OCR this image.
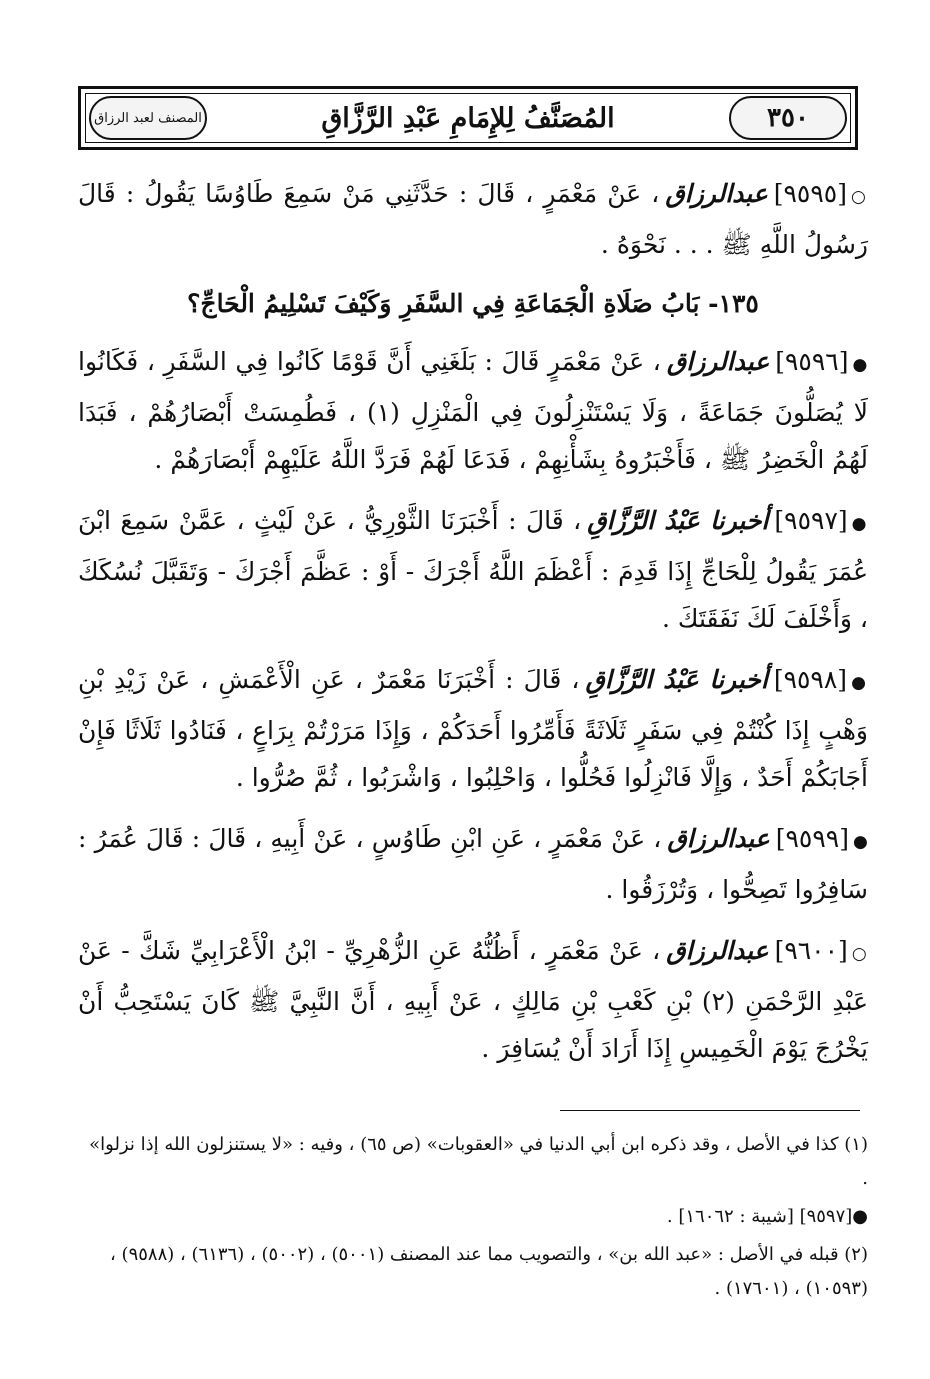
المصنف لعبد الرزاق	المُصَنَّفُ لِلإِمَامِ عَبْدِ الرَّزَّاقِ	٣٥٠

○[٩٥٩٥]عبدالرزاق، عَنْ مَعْمَرٍ ، قَالَ : حَدَّثَنِي مَنْ سَمِعَ طَاوُسًا يَقُولُ : قَالَ رَسُولُ اللَّهِ ﷺ . . . نَحْوَهُ .

١٣٥- بَابُ صَلَاةِ الْجَمَاعَةِ فِي السَّفَرِ وَكَيْفَ تَسْلِيمُ الْحَاجِّ؟

●[٩٥٩٦]عبدالرزاق، عَنْ مَعْمَرٍ قَالَ : بَلَغَنِي أَنَّ قَوْمًا كَانُوا فِي السَّفَرِ ، فَكَانُوا لَا يُصَلُّونَ جَمَاعَةً ، وَلَا يَسْتَنْزِلُونَ فِي الْمَنْزِلِ (١) ، فَطُمِسَتْ أَبْصَارُهُمْ ، فَبَدَا لَهُمُ الْخَضِرُ ﷺ ، فَأَخْبَرُوهُ بِشَأْنِهِمْ ، فَدَعَا لَهُمْ فَرَدَّ اللَّهُ عَلَيْهِمْ أَبْصَارَهُمْ .

●[٩٥٩٧]أخبرنا عَبْدُ الرَّزَّاقِ، قَالَ : أَخْبَرَنَا الثَّوْرِيُّ ، عَنْ لَيْثٍ ، عَمَّنْ سَمِعَ ابْنَ عُمَرَ يَقُولُ لِلْحَاجِّ إِذَا قَدِمَ : أَعْظَمَ اللَّهُ أَجْرَكَ - أَوْ : عَظَّمَ أَجْرَكَ - وَتَقَبَّلَ نُسُكَكَ ، وَأَخْلَفَ لَكَ نَفَقَتَكَ .

●[٩٥٩٨]أخبرنا عَبْدُ الرَّزَّاقِ، قَالَ : أَخْبَرَنَا مَعْمَرٌ ، عَنِ الْأَعْمَشِ ، عَنْ زَيْدِ بْنِ وَهْبٍ إِذَا كُنْتُمْ فِي سَفَرٍ ثَلَاثَةً فَأَمِّرُوا أَحَدَكُمْ ، وَإِذَا مَرَرْتُمْ بِرَاعٍ ، فَنَادُوا ثَلَاثًا فَإِنْ أَجَابَكُمْ أَحَدٌ ، وَإِلَّا فَانْزِلُوا فَحُلُّوا ، وَاحْلِبُوا ، وَاشْرَبُوا ، ثُمَّ صُرُّوا .

●[٩٥٩٩]عبدالرزاق، عَنْ مَعْمَرٍ ، عَنِ ابْنِ طَاوُسٍ ، عَنْ أَبِيهِ ، قَالَ : قَالَ عُمَرُ : سَافِرُوا تَصِحُّوا ، وَتُرْزَقُوا .

○[٩٦٠٠]عبدالرزاق، عَنْ مَعْمَرٍ ، أَظُنُّهُ عَنِ الزُّهْرِيِّ - ابْنُ الْأَعْرَابِيِّ شَكَّ - عَنْ عَبْدِ الرَّحْمَنِ (٢) بْنِ كَعْبِ بْنِ مَالِكٍ ، عَنْ أَبِيهِ ، أَنَّ النَّبِيَّ ﷺ كَانَ يَسْتَحِبُّ أَنْ يَخْرُجَ يَوْمَ الْخَمِيسِ إِذَا أَرَادَ أَنْ يُسَافِرَ .

(١) كذا في الأصل ، وقد ذكره ابن أبي الدنيا في «العقوبات» (ص ٦٥) ، وفيه : «لا يستنزلون الله إذا نزلوا» .

●[٩٥٩٧] [شيبة : ١٦٠٦٢] .

(٢) قبله في الأصل : «عبد الله بن» ، والتصويب مما عند المصنف (٥٠٠١) ، (٥٠٠٢) ، (٦١٣٦) ، (٩٥٨٨) ، (١٠٥٩٣) ، (١٧٦٠١) .
